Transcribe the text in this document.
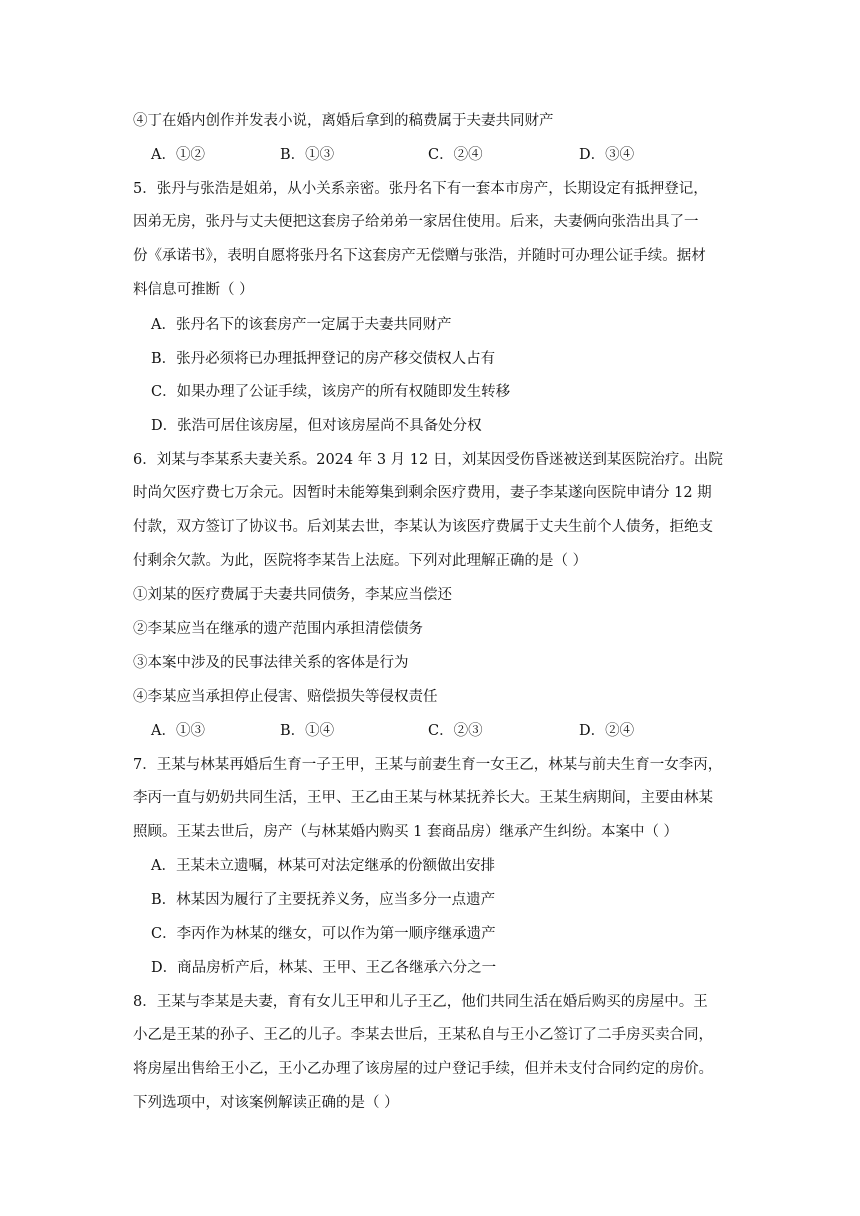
④丁在婚内创作并发表小说，离婚后拿到的稿费属于夫妻共同财产
A．①②	B．①③	C．②④	D．③④
5．张丹与张浩是姐弟，从小关系亲密。张丹名下有一套本市房产，长期设定有抵押登记，
因弟无房，张丹与丈夫便把这套房子给弟弟一家居住使用。后来，夫妻俩向张浩出具了一
份《承诺书》，表明自愿将张丹名下这套房产无偿赠与张浩，并随时可办理公证手续。据材
料信息可推断（ ）
A．张丹名下的该套房产一定属于夫妻共同财产
B．张丹必须将已办理抵押登记的房产移交债权人占有
C．如果办理了公证手续，该房产的所有权随即发生转移
D．张浩可居住该房屋，但对该房屋尚不具备处分权
6．刘某与李某系夫妻关系。2024 年 3 月 12 日，刘某因受伤昏迷被送到某医院治疗。出院
时尚欠医疗费七万余元。因暂时未能筹集到剩余医疗费用，妻子李某遂向医院申请分 12 期
付款，双方签订了协议书。后刘某去世，李某认为该医疗费属于丈夫生前个人债务，拒绝支
付剩余欠款。为此，医院将李某告上法庭。下列对此理解正确的是（ ）
①刘某的医疗费属于夫妻共同债务，李某应当偿还
②李某应当在继承的遗产范围内承担清偿债务
③本案中涉及的民事法律关系的客体是行为
④李某应当承担停止侵害、赔偿损失等侵权责任
A．①③	B．①④	C．②③	D．②④
7．王某与林某再婚后生育一子王甲，王某与前妻生育一女王乙，林某与前夫生育一女李丙，
李丙一直与奶奶共同生活，王甲、王乙由王某与林某抚养长大。王某生病期间，主要由林某
照顾。王某去世后，房产（与林某婚内购买 1 套商品房）继承产生纠纷。本案中（ ）
A．王某未立遗嘱，林某可对法定继承的份额做出安排
B．林某因为履行了主要抚养义务，应当多分一点遗产
C．李丙作为林某的继女，可以作为第一顺序继承遗产
D．商品房析产后，林某、王甲、王乙各继承六分之一
8．王某与李某是夫妻，育有女儿王甲和儿子王乙，他们共同生活在婚后购买的房屋中。王
小乙是王某的孙子、王乙的儿子。李某去世后，王某私自与王小乙签订了二手房买卖合同，
将房屋出售给王小乙，王小乙办理了该房屋的过户登记手续，但并未支付合同约定的房价。
下列选项中，对该案例解读正确的是（ ）
